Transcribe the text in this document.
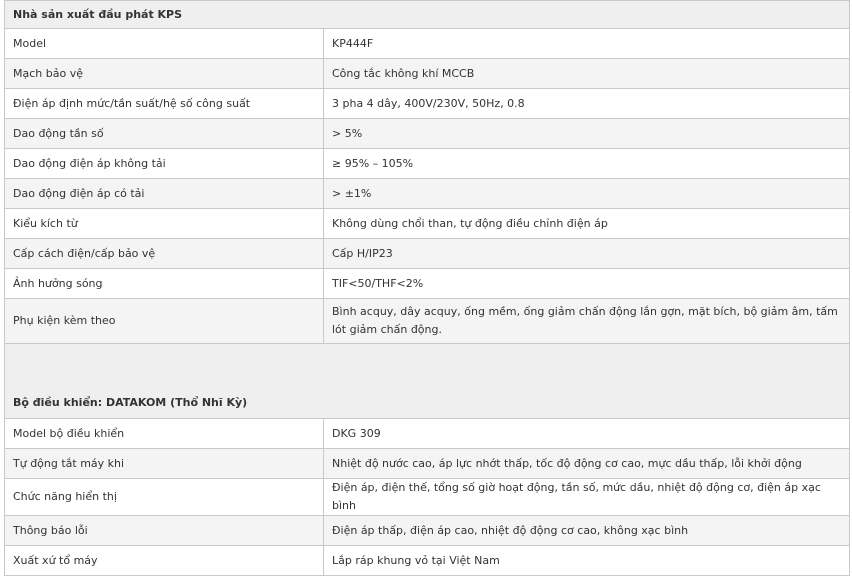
Nhà sản xuất đầu phát KPS	
Model	KP444F
Mạch bảo vệ	Công tắc không khí MCCB
Điện áp định mức/tần suất/hệ số công suất	3 pha 4 dây, 400V/230V, 50Hz, 0.8
Dao động tần số	> 5%
Dao động điện áp không tải	≥ 95% – 105%
Dao động điện áp có tải	> ±1%
Kiểu kích từ	Không dùng chổi than, tự động điều chỉnh điện áp
Cấp cách điện/cấp bảo vệ	Cấp H/IP23
Ảnh hưởng sóng	TIF<50/THF<2%
Phụ kiện kèm theo	Bình acquy, dây acquy, ống mềm, ống giảm chấn động lắn gợn, mặt bích, bộ giảm âm, tấm lót giảm chấn động.
Bộ điều khiển: DATAKOM (Thổ Nhĩ Kỳ)	
Model bộ điều khiển	DKG 309
Tự động tắt máy khi	Nhiệt độ nước cao, áp lực nhớt thấp, tốc độ động cơ cao, mực dầu thấp, lỗi khởi động
Chức năng hiển thị	Điện áp, điện thế, tổng số giờ hoạt động, tần số, mức dầu, nhiệt độ động cơ, điện áp xạc bình
Thông báo lỗi	Điện áp thấp, điện áp cao, nhiệt độ động cơ cao, không xạc bình
Xuất xứ tổ máy	Lắp ráp khung vỏ tại Việt Nam
